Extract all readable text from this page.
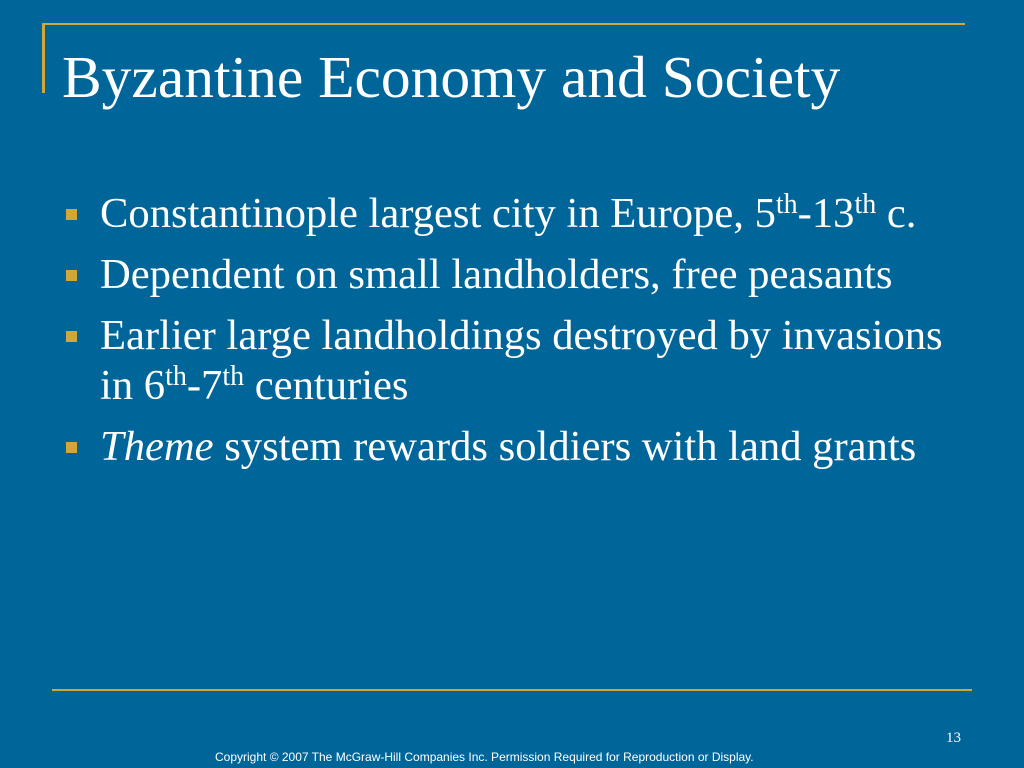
Byzantine Economy and Society
Constantinople largest city in Europe, 5th-13th c.
Dependent on small landholders, free peasants
Earlier large landholdings destroyed by invasions
in 6th-7th centuries
Theme system rewards soldiers with land grants
13
Copyright © 2007 The McGraw-Hill Companies Inc. Permission Required for Reproduction or Display.
